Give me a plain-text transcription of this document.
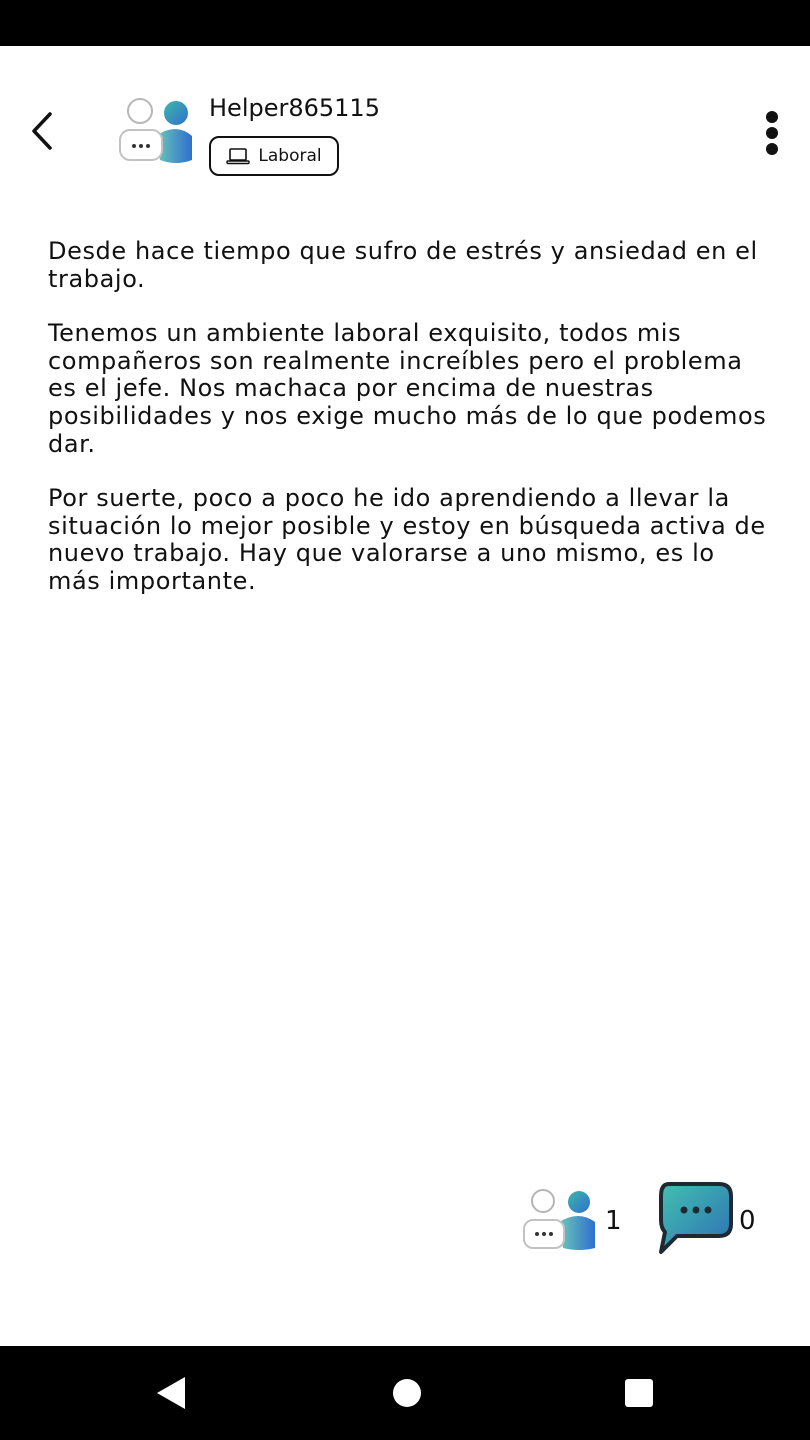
Helper865115
Laboral

Desde hace tiempo que sufro de estrés y ansiedad en el trabajo.

Tenemos un ambiente laboral exquisito, todos mis compañeros son realmente increíbles pero el problema es el jefe. Nos machaca por encima de nuestras posibilidades y nos exige mucho más de lo que podemos dar.

Por suerte, poco a poco he ido aprendiendo a llevar la situación lo mejor posible y estoy en búsqueda activa de nuevo trabajo. Hay que valorarse a uno mismo, es lo más importante.

1	0
